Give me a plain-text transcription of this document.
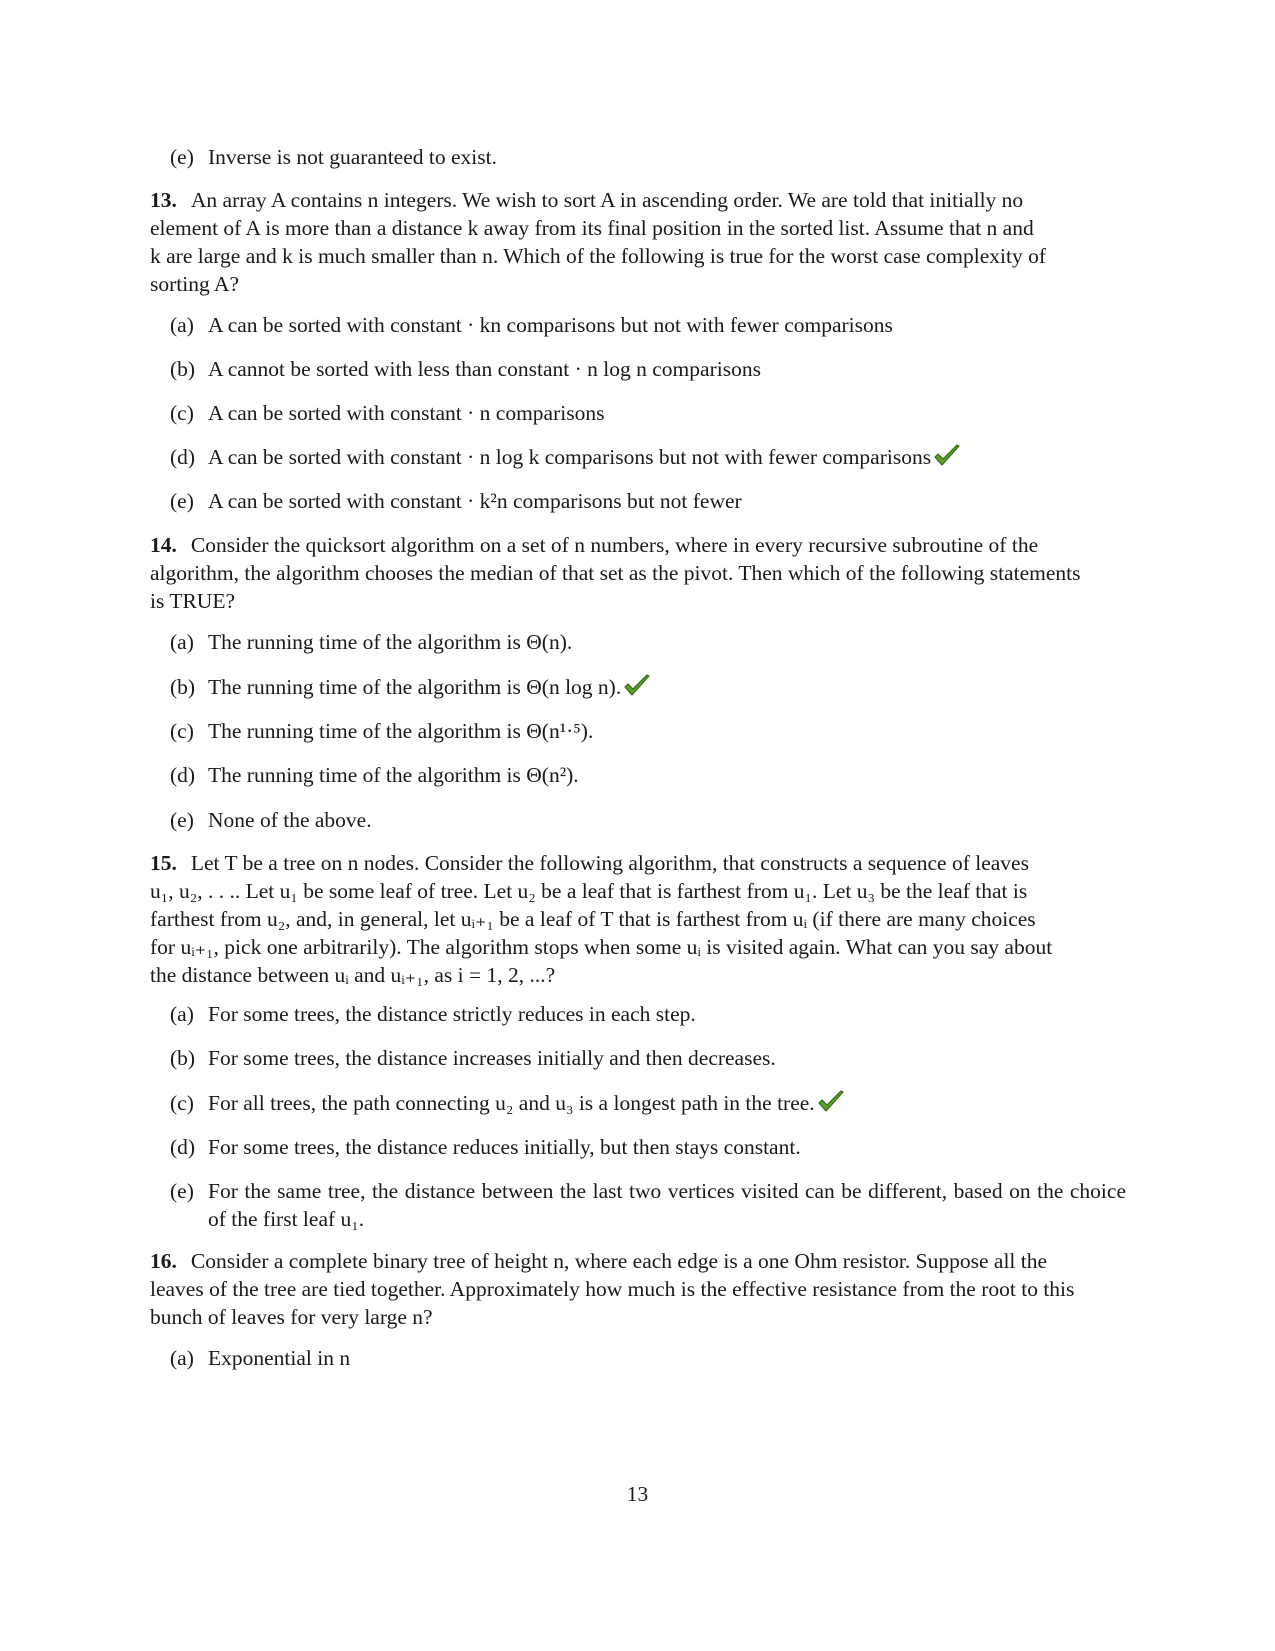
(e) Inverse is not guaranteed to exist.
13. An array A contains n integers. We wish to sort A in ascending order. We are told that initially no
element of A is more than a distance k away from its final position in the sorted list. Assume that n and
k are large and k is much smaller than n. Which of the following is true for the worst case complexity of
sorting A?
(a) A can be sorted with constant · kn comparisons but not with fewer comparisons
(b) A cannot be sorted with less than constant · n log n comparisons
(c) A can be sorted with constant · n comparisons
(d) A can be sorted with constant · n log k comparisons but not with fewer comparisons
(e) A can be sorted with constant · k²n comparisons but not fewer
14. Consider the quicksort algorithm on a set of n numbers, where in every recursive subroutine of the
algorithm, the algorithm chooses the median of that set as the pivot. Then which of the following statements
is TRUE?
(a) The running time of the algorithm is Θ(n).
(b) The running time of the algorithm is Θ(n log n).
(c) The running time of the algorithm is Θ(n¹·⁵).
(d) The running time of the algorithm is Θ(n²).
(e) None of the above.
15. Let T be a tree on n nodes. Consider the following algorithm, that constructs a sequence of leaves
u₁, u₂, . . .. Let u₁ be some leaf of tree. Let u₂ be a leaf that is farthest from u₁. Let u₃ be the leaf that is
farthest from u₂, and, in general, let uᵢ₊₁ be a leaf of T that is farthest from uᵢ (if there are many choices
for uᵢ₊₁, pick one arbitrarily). The algorithm stops when some uᵢ is visited again. What can you say about
the distance between uᵢ and uᵢ₊₁, as i = 1, 2, ...?
(a) For some trees, the distance strictly reduces in each step.
(b) For some trees, the distance increases initially and then decreases.
(c) For all trees, the path connecting u₂ and u₃ is a longest path in the tree.
(d) For some trees, the distance reduces initially, but then stays constant.
(e) For the same tree, the distance between the last two vertices visited can be different, based on the choice of the first leaf u₁.
16. Consider a complete binary tree of height n, where each edge is a one Ohm resistor. Suppose all the
leaves of the tree are tied together. Approximately how much is the effective resistance from the root to this
bunch of leaves for very large n?
(a) Exponential in n
13
